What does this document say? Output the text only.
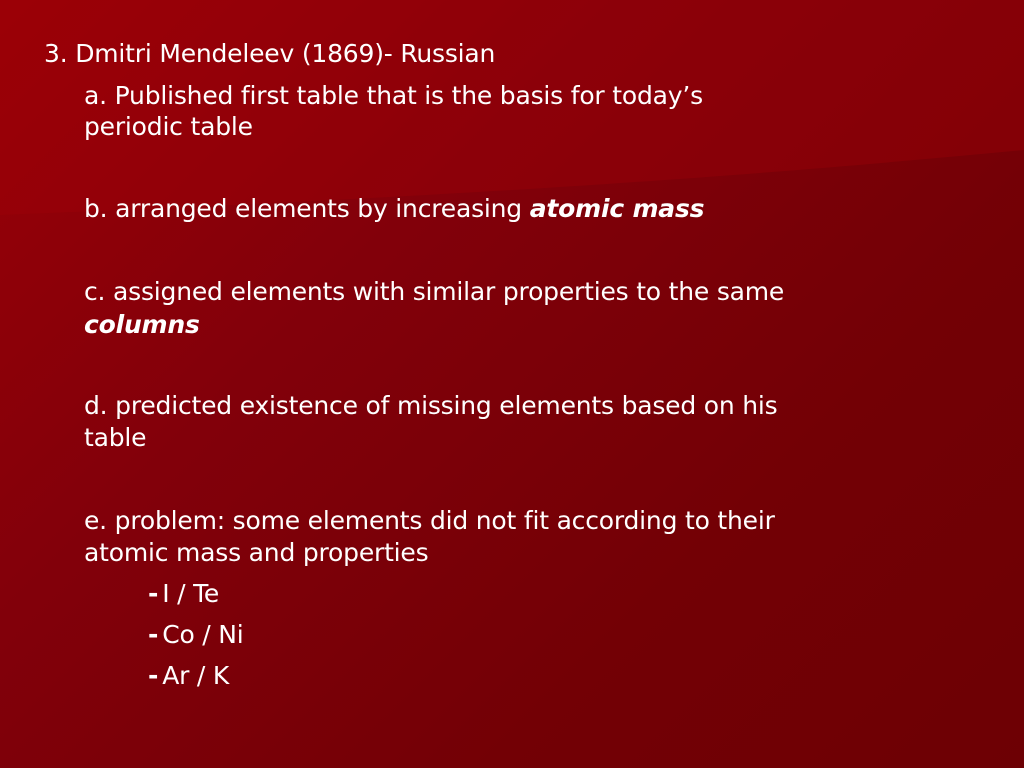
3. Dmitri Mendeleev (1869)- Russian
a. Published first table that is the basis for today’s
periodic table
b. arranged elements by increasing atomic mass
c. assigned elements with similar properties to the same
columns
d. predicted existence of missing elements based on his
table
e. problem: some elements did not fit according to their
atomic mass and properties
- I / Te
- Co / Ni
- Ar / K
